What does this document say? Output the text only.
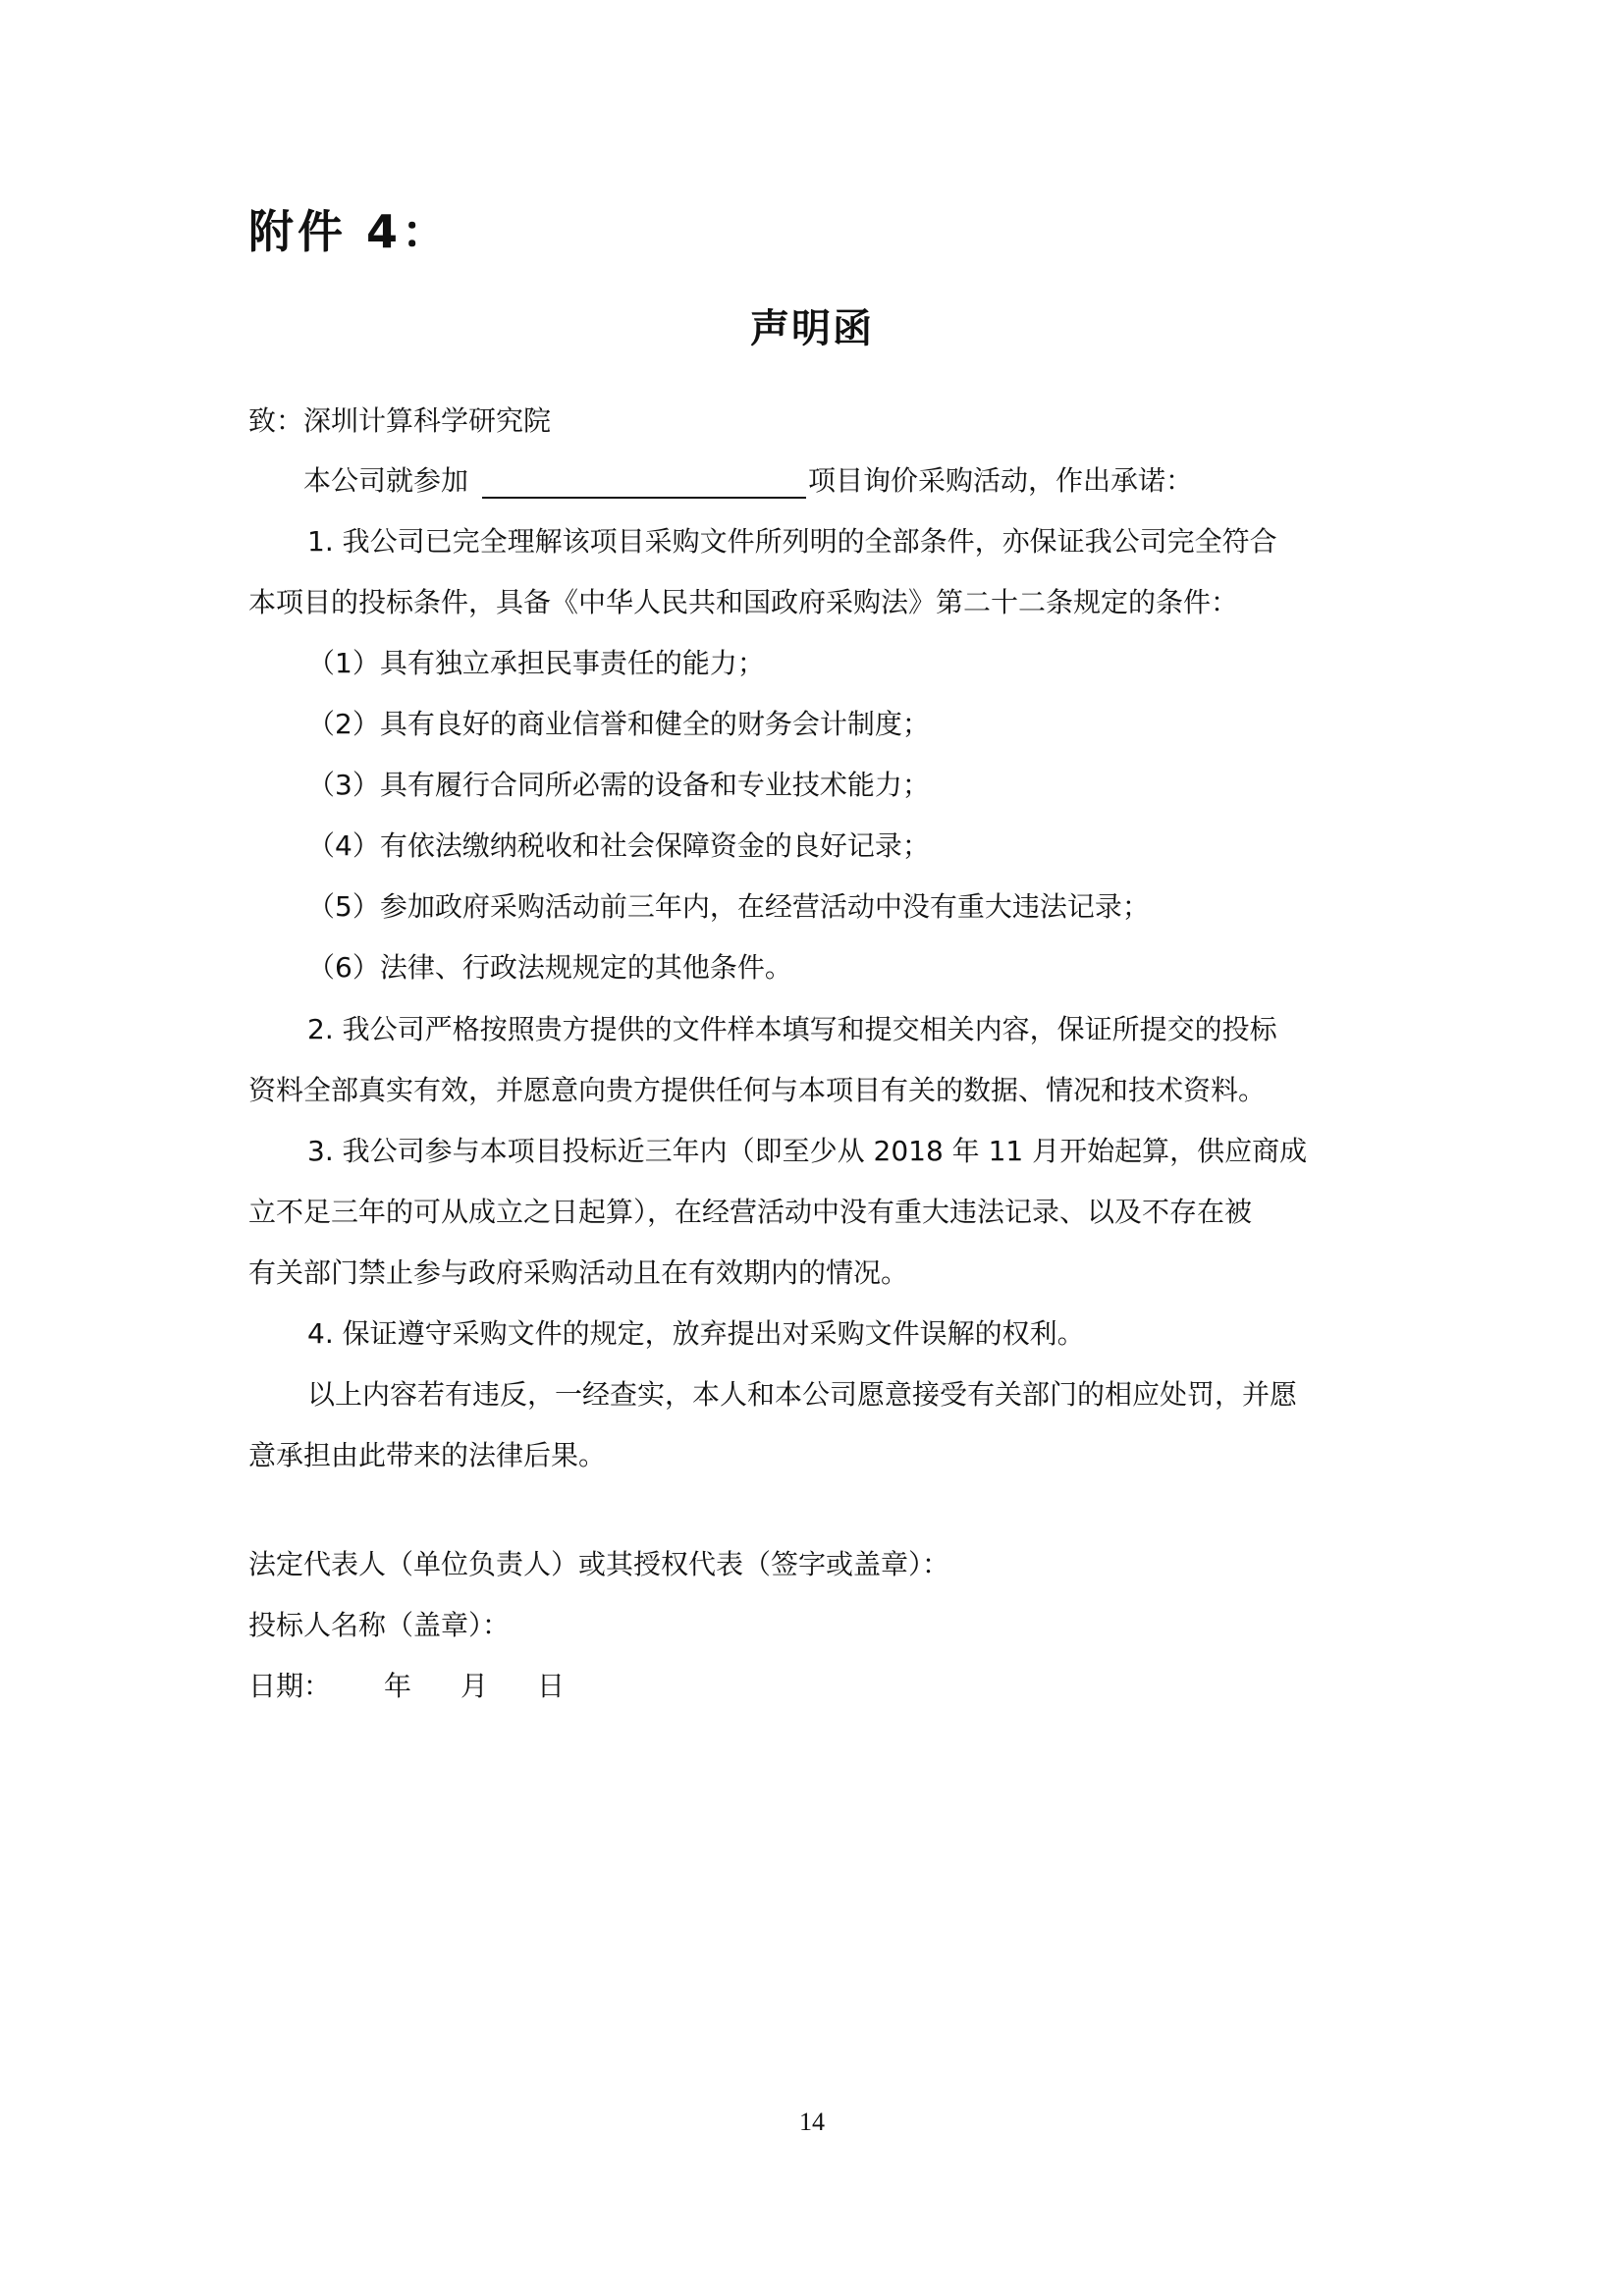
附件 4：
声明函
致：深圳计算科学研究院
本公司就参加	项目询价采购活动，作出承诺：
1. 我公司已完全理解该项目采购文件所列明的全部条件，亦保证我公司完全符合
本项目的投标条件，具备《中华人民共和国政府采购法》第二十二条规定的条件：
（1）具有独立承担民事责任的能力；
（2）具有良好的商业信誉和健全的财务会计制度；
（3）具有履行合同所必需的设备和专业技术能力；
（4）有依法缴纳税收和社会保障资金的良好记录；
（5）参加政府采购活动前三年内，在经营活动中没有重大违法记录；
（6）法律、行政法规规定的其他条件。
2. 我公司严格按照贵方提供的文件样本填写和提交相关内容，保证所提交的投标
资料全部真实有效，并愿意向贵方提供任何与本项目有关的数据、情况和技术资料。
3. 我公司参与本项目投标近三年内（即至少从 2018 年 11 月开始起算，供应商成
立不足三年的可从成立之日起算），在经营活动中没有重大违法记录、以及不存在被
有关部门禁止参与政府采购活动且在有效期内的情况。
4. 保证遵守采购文件的规定，放弃提出对采购文件误解的权利。
以上内容若有违反，一经查实，本人和本公司愿意接受有关部门的相应处罚，并愿
意承担由此带来的法律后果。
法定代表人（单位负责人）或其授权代表（签字或盖章）：
投标人名称（盖章）：
日期： 年 月 日
14
